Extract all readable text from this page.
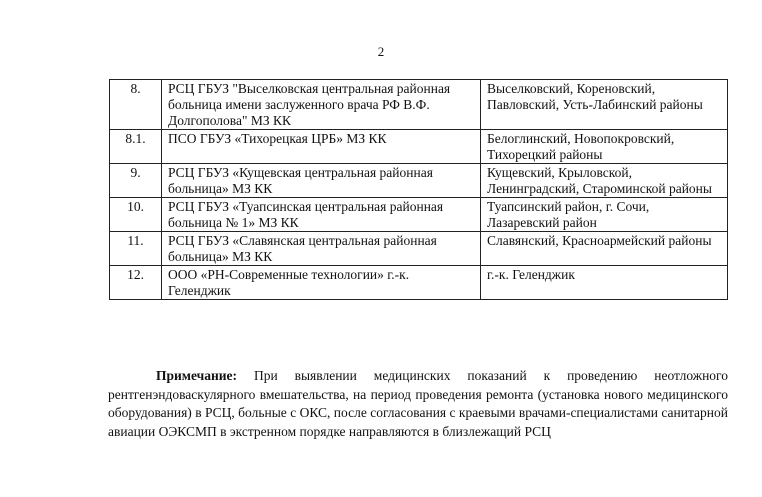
2
8.	РСЦ ГБУЗ "Выселковская центральная районная больница имени заслуженного врача РФ В.Ф. Долгополова" МЗ КК	Выселковский, Кореновский, Павловский, Усть-Лабинский районы
8.1.	ПСО ГБУЗ «Тихорецкая ЦРБ» МЗ КК	Белоглинский, Новопокровский, Тихорецкий районы
9.	РСЦ ГБУЗ «Кущевская центральная районная больница» МЗ КК	Кущевский, Крыловской, Ленинградский, Староминской районы
10.	РСЦ ГБУЗ «Туапсинская центральная районная больница № 1» МЗ КК	Туапсинский район, г. Сочи, Лазаревский район
11.	РСЦ ГБУЗ «Славянская центральная районная больница» МЗ КК	Славянский, Красноармейский районы
12.	ООО «РН-Современные технологии» г.-к. Геленджик	г.-к. Геленджик
Примечание: При выявлении медицинских показаний к проведению неотложного рентгенэндоваскулярного вмешательства, на период проведения ремонта (установка нового медицинского оборудования) в РСЦ, больные с ОКС, после согласования с краевыми врачами-специалистами санитарной авиации ОЭКСМП в экстренном порядке направляются в близлежащий РСЦ
